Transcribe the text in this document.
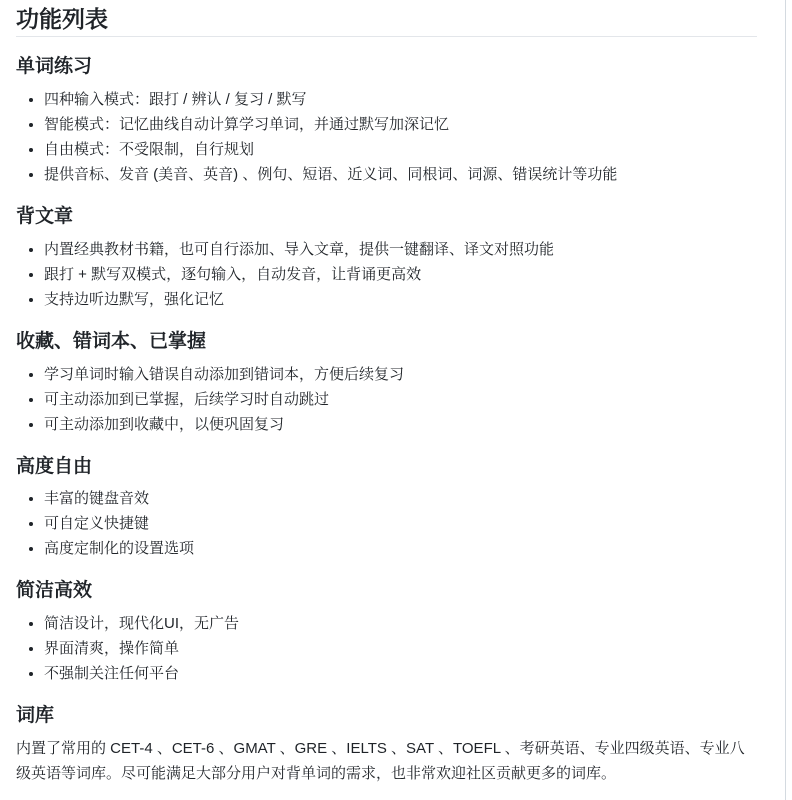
功能列表
单词练习
• 四种输入模式：跟打 / 辨认 / 复习 / 默写
• 智能模式：记忆曲线自动计算学习单词，并通过默写加深记忆
• 自由模式：不受限制，自行规划
• 提供音标、发音 (美音、英音) 、例句、短语、近义词、同根词、词源、错误统计等功能
背文章
• 内置经典教材书籍，也可自行添加、导入文章，提供一键翻译、译文对照功能
• 跟打 + 默写双模式，逐句输入，自动发音，让背诵更高效
• 支持边听边默写，强化记忆
收藏、错词本、已掌握
• 学习单词时输入错误自动添加到错词本，方便后续复习
• 可主动添加到已掌握，后续学习时自动跳过
• 可主动添加到收藏中，以便巩固复习
高度自由
• 丰富的键盘音效
• 可自定义快捷键
• 高度定制化的设置选项
简洁高效
• 简洁设计，现代化UI，无广告
• 界面清爽，操作简单
• 不强制关注任何平台
词库

内置了常用的 CET-4 、CET-6 、GMAT 、GRE 、IELTS 、SAT 、TOEFL 、考研英语、专业四级英语、专业八级英语等词库。尽可能满足大部分用户对背单词的需求，也非常欢迎社区贡献更多的词库。
